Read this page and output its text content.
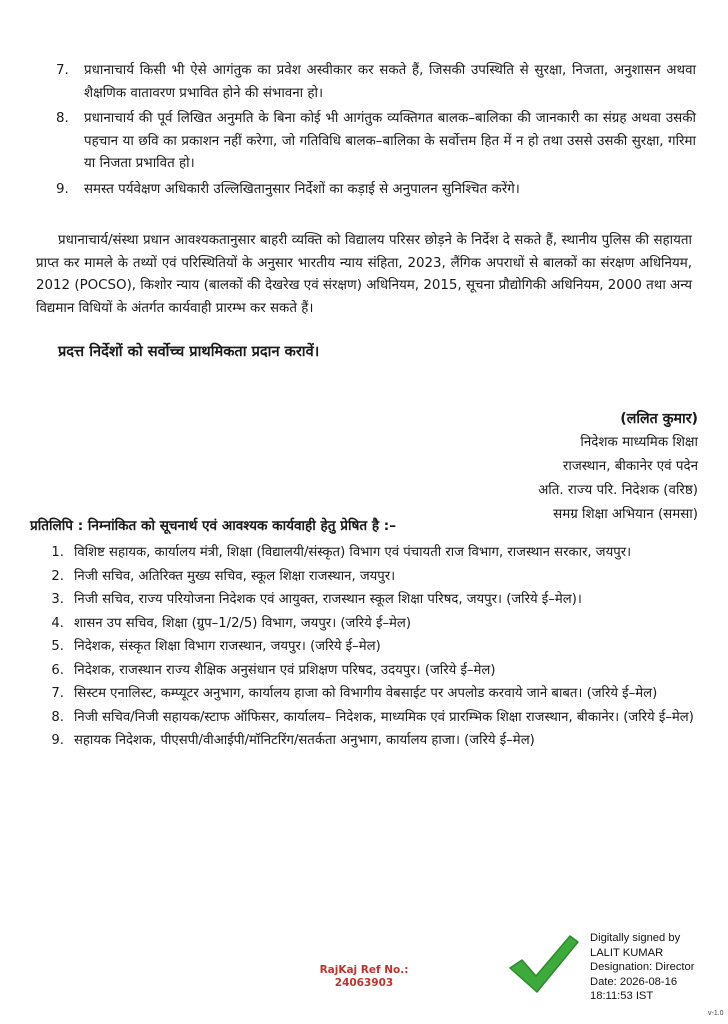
7.	प्रधानाचार्य किसी भी ऐसे आगंतुक का प्रवेश अस्वीकार कर सकते हैं, जिसकी उपस्थिति से सुरक्षा, निजता, अनुशासन अथवा शैक्षणिक वातावरण प्रभावित होने की संभावना हो।
8.	प्रधानाचार्य की पूर्व लिखित अनुमति के बिना कोई भी आगंतुक व्यक्तिगत बालक–बालिका की जानकारी का संग्रह अथवा उसकी पहचान या छवि का प्रकाशन नहीं करेगा, जो गतिविधि बालक–बालिका के सर्वोत्तम हित में न हो तथा उससे उसकी सुरक्षा, गरिमा या निजता प्रभावित हो।
9.	समस्त पर्यवेक्षण अधिकारी उल्लिखितानुसार निर्देशों का कड़ाई से अनुपालन सुनिश्चित करेंगे।

प्रधानाचार्य/संस्था प्रधान आवश्यकतानुसार बाहरी व्यक्ति को विद्यालय परिसर छोड़ने के निर्देश दे सकते हैं, स्थानीय पुलिस की सहायता प्राप्त कर मामले के तथ्यों एवं परिस्थितियों के अनुसार भारतीय न्याय संहिता, 2023, लैंगिक अपराधों से बालकों का संरक्षण अधिनियम, 2012 (POCSO), किशोर न्याय (बालकों की देखरेख एवं संरक्षण) अधिनियम, 2015, सूचना प्रौद्योगिकी अधिनियम, 2000 तथा अन्य विद्यमान विधियों के अंतर्गत कार्यवाही प्रारम्भ कर सकते हैं।

प्रदत्त निर्देशों को सर्वोच्च प्राथमिकता प्रदान करावें।

(ललित कुमार)
निदेशक माध्यमिक शिक्षा
राजस्थान, बीकानेर एवं पदेन
अति. राज्य परि. निदेशक (वरिष्ठ)
समग्र शिक्षा अभियान (समसा)

प्रतिलिपि : निम्नांकित को सूचनार्थ एवं आवश्यक कार्यवाही हेतु प्रेषित है :–

1. विशिष्ट सहायक, कार्यालय मंत्री, शिक्षा (विद्यालयी/संस्कृत) विभाग एवं पंचायती राज विभाग, राजस्थान सरकार, जयपुर।
2. निजी सचिव, अतिरिक्त मुख्य सचिव, स्कूल शिक्षा राजस्थान, जयपुर।
3. निजी सचिव, राज्य परियोजना निदेशक एवं आयुक्त, राजस्थान स्कूल शिक्षा परिषद, जयपुर। (जरिये ई–मेल)।
4. शासन उप सचिव, शिक्षा (ग्रुप–1/2/5) विभाग, जयपुर। (जरिये ई–मेल)
5. निदेशक, संस्कृत शिक्षा विभाग राजस्थान, जयपुर। (जरिये ई–मेल)
6. निदेशक, राजस्थान राज्य शैक्षिक अनुसंधान एवं प्रशिक्षण परिषद, उदयपुर। (जरिये ई–मेल)
7. सिस्टम एनालिस्ट, कम्प्यूटर अनुभाग, कार्यालय हाजा को विभागीय वेबसाईट पर अपलोड करवाये जाने बाबत। (जरिये ई–मेल)
8. निजी सचिव/निजी सहायक/स्टाफ ऑफिसर, कार्यालय– निदेशक, माध्यमिक एवं प्रारम्भिक शिक्षा राजस्थान, बीकानेर। (जरिये ई–मेल)
9. सहायक निदेशक, पीएसपी/वीआईपी/मॉनिटरिंग/सतर्कता अनुभाग, कार्यालय हाजा। (जरिये ई–मेल)
RajKaj Ref No.:
24063903
Digitally signed by
LALIT KUMAR
Designation: Director
Date: 2026-08-16
18:11:53 IST
v-1.0
